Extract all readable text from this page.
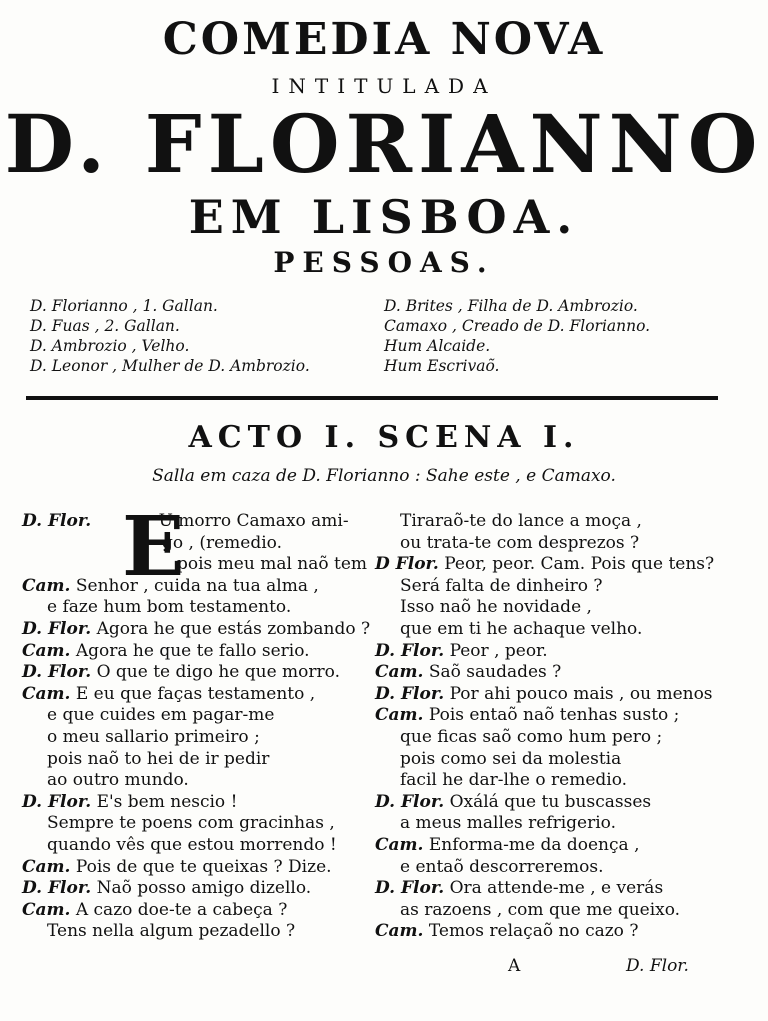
COMEDIA NOVA
INTITULADA
D. FLORIANNO
EM LISBOA.
PESSOAS.
D. Florianno , 1. Gallan.
D. Fuas , 2. Gallan.
D. Ambrozio , Velho.
D. Leonor , Mulher de D. Ambrozio.
D. Brites , Filha de D. Ambrozio.
Camaxo , Creado de D. Florianno.
Hum Alcaide.
Hum Escrivaõ.
ACTO I. SCENA I.
Salla em caza de D. Florianno : Sahe este , e Camaxo.
E
D. Flor.	U morro Camaxo ami-
go , (remedio.
pois meu mal naõ tem
Cam. Senhor , cuida na tua alma ,
e faze hum bom testamento.
D. Flor. Agora he que estás zombando ?
Cam. Agora he que te fallo serio.
D. Flor. O que te digo he que morro.
Cam. E eu que faças testamento ,
e que cuides em pagar-me
o meu sallario primeiro ;
pois naõ to hei de ir pedir
ao outro mundo.
D. Flor. E's bem nescio !
Sempre te poens com gracinhas ,
quando vês que estou morrendo !
Cam. Pois de que te queixas ? Dize.
D. Flor. Naõ posso amigo dizello.
Cam. A cazo doe-te a cabeça ?
Tens nella algum pezadello ?
Tiraraõ-te do lance a moça ,
ou trata-te com desprezos ?
D Flor. Peor, peor. Cam. Pois que tens?
Será falta de dinheiro ?
Isso naõ he novidade ,
que em ti he achaque velho.
D. Flor. Peor , peor.
Cam. Saõ saudades ?
D. Flor. Por ahi pouco mais , ou menos
Cam. Pois entaõ naõ tenhas susto ;
que ficas saõ como hum pero ;
pois como sei da molestia
facil he dar-lhe o remedio.
D. Flor. Oxálá que tu buscasses
a meus malles refrigerio.
Cam. Enforma-me da doença ,
e entaõ descorreremos.
D. Flor. Ora attende-me , e verás
as razoens , com que me queixo.
Cam. Temos relaçaõ no cazo ?
A	D. Flor.
